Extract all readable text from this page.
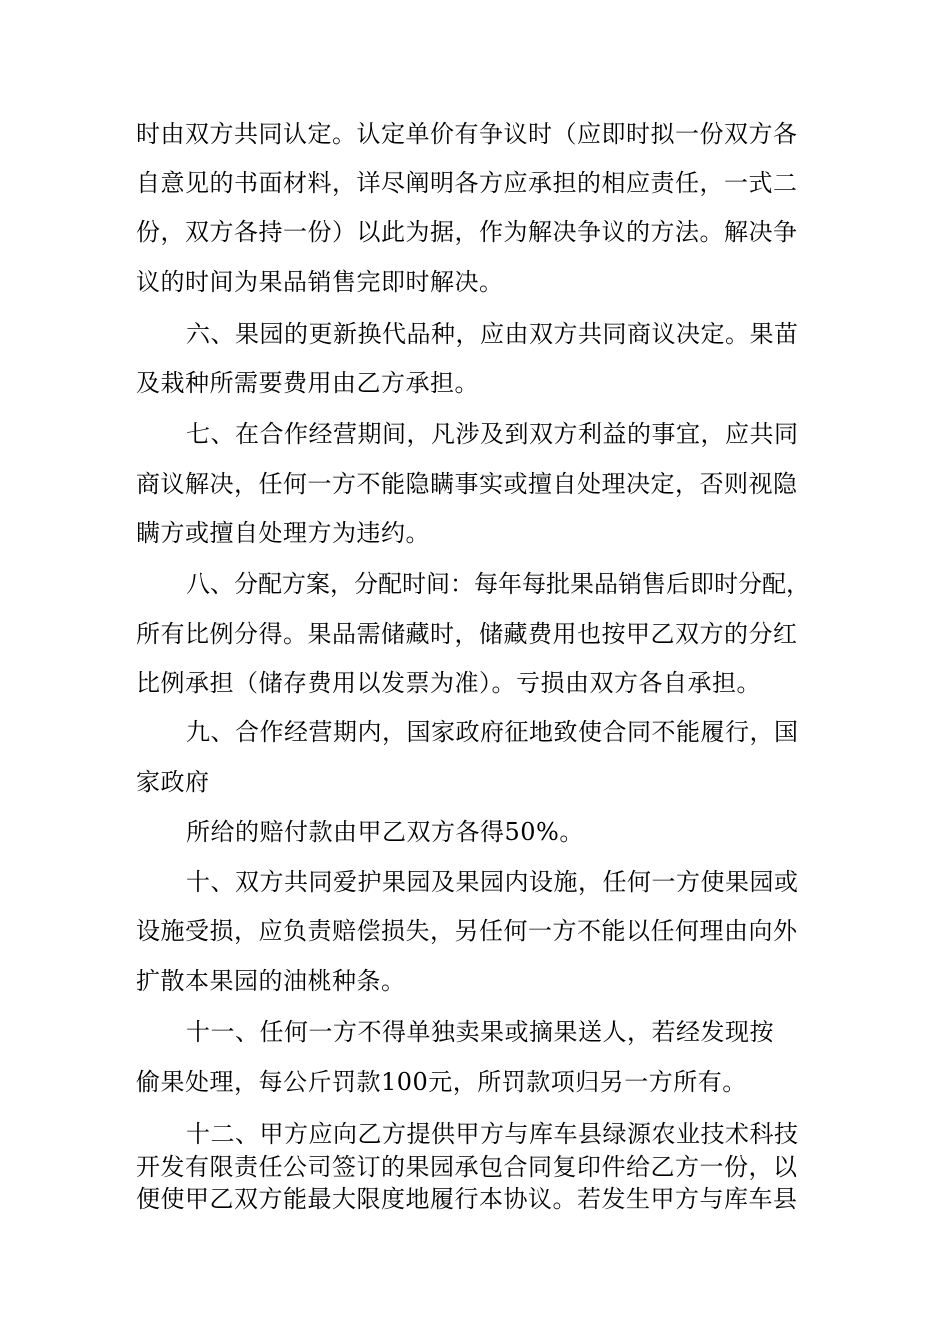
时由双方共同认定。认定单价有争议时（应即时拟一份双方各

自意见的书面材料，详尽阐明各方应承担的相应责任，一式二

份，双方各持一份）以此为据，作为解决争议的方法。解决争

议的时间为果品销售完即时解决。

六、果园的更新换代品种，应由双方共同商议决定。果苗

及栽种所需要费用由乙方承担。

七、在合作经营期间，凡涉及到双方利益的事宜，应共同

商议解决，任何一方不能隐瞒事实或擅自处理决定，否则视隐

瞒方或擅自处理方为违约。

八、分配方案，分配时间：每年每批果品销售后即时分配，

所有比例分得。果品需储藏时，储藏费用也按甲乙双方的分红

比例承担（储存费用以发票为准）。亏损由双方各自承担。

九、合作经营期内，国家政府征地致使合同不能履行，国

家政府

所给的赔付款由甲乙双方各得50%。

十、双方共同爱护果园及果园内设施，任何一方使果园或

设施受损，应负责赔偿损失，另任何一方不能以任何理由向外

扩散本果园的油桃种条。

十一、任何一方不得单独卖果或摘果送人，若经发现按

偷果处理，每公斤罚款100元，所罚款项归另一方所有。

十二、甲方应向乙方提供甲方与库车县绿源农业技术科技

开发有限责任公司签订的果园承包合同复印件给乙方一份，以

便使甲乙双方能最大限度地履行本协议。若发生甲方与库车县
